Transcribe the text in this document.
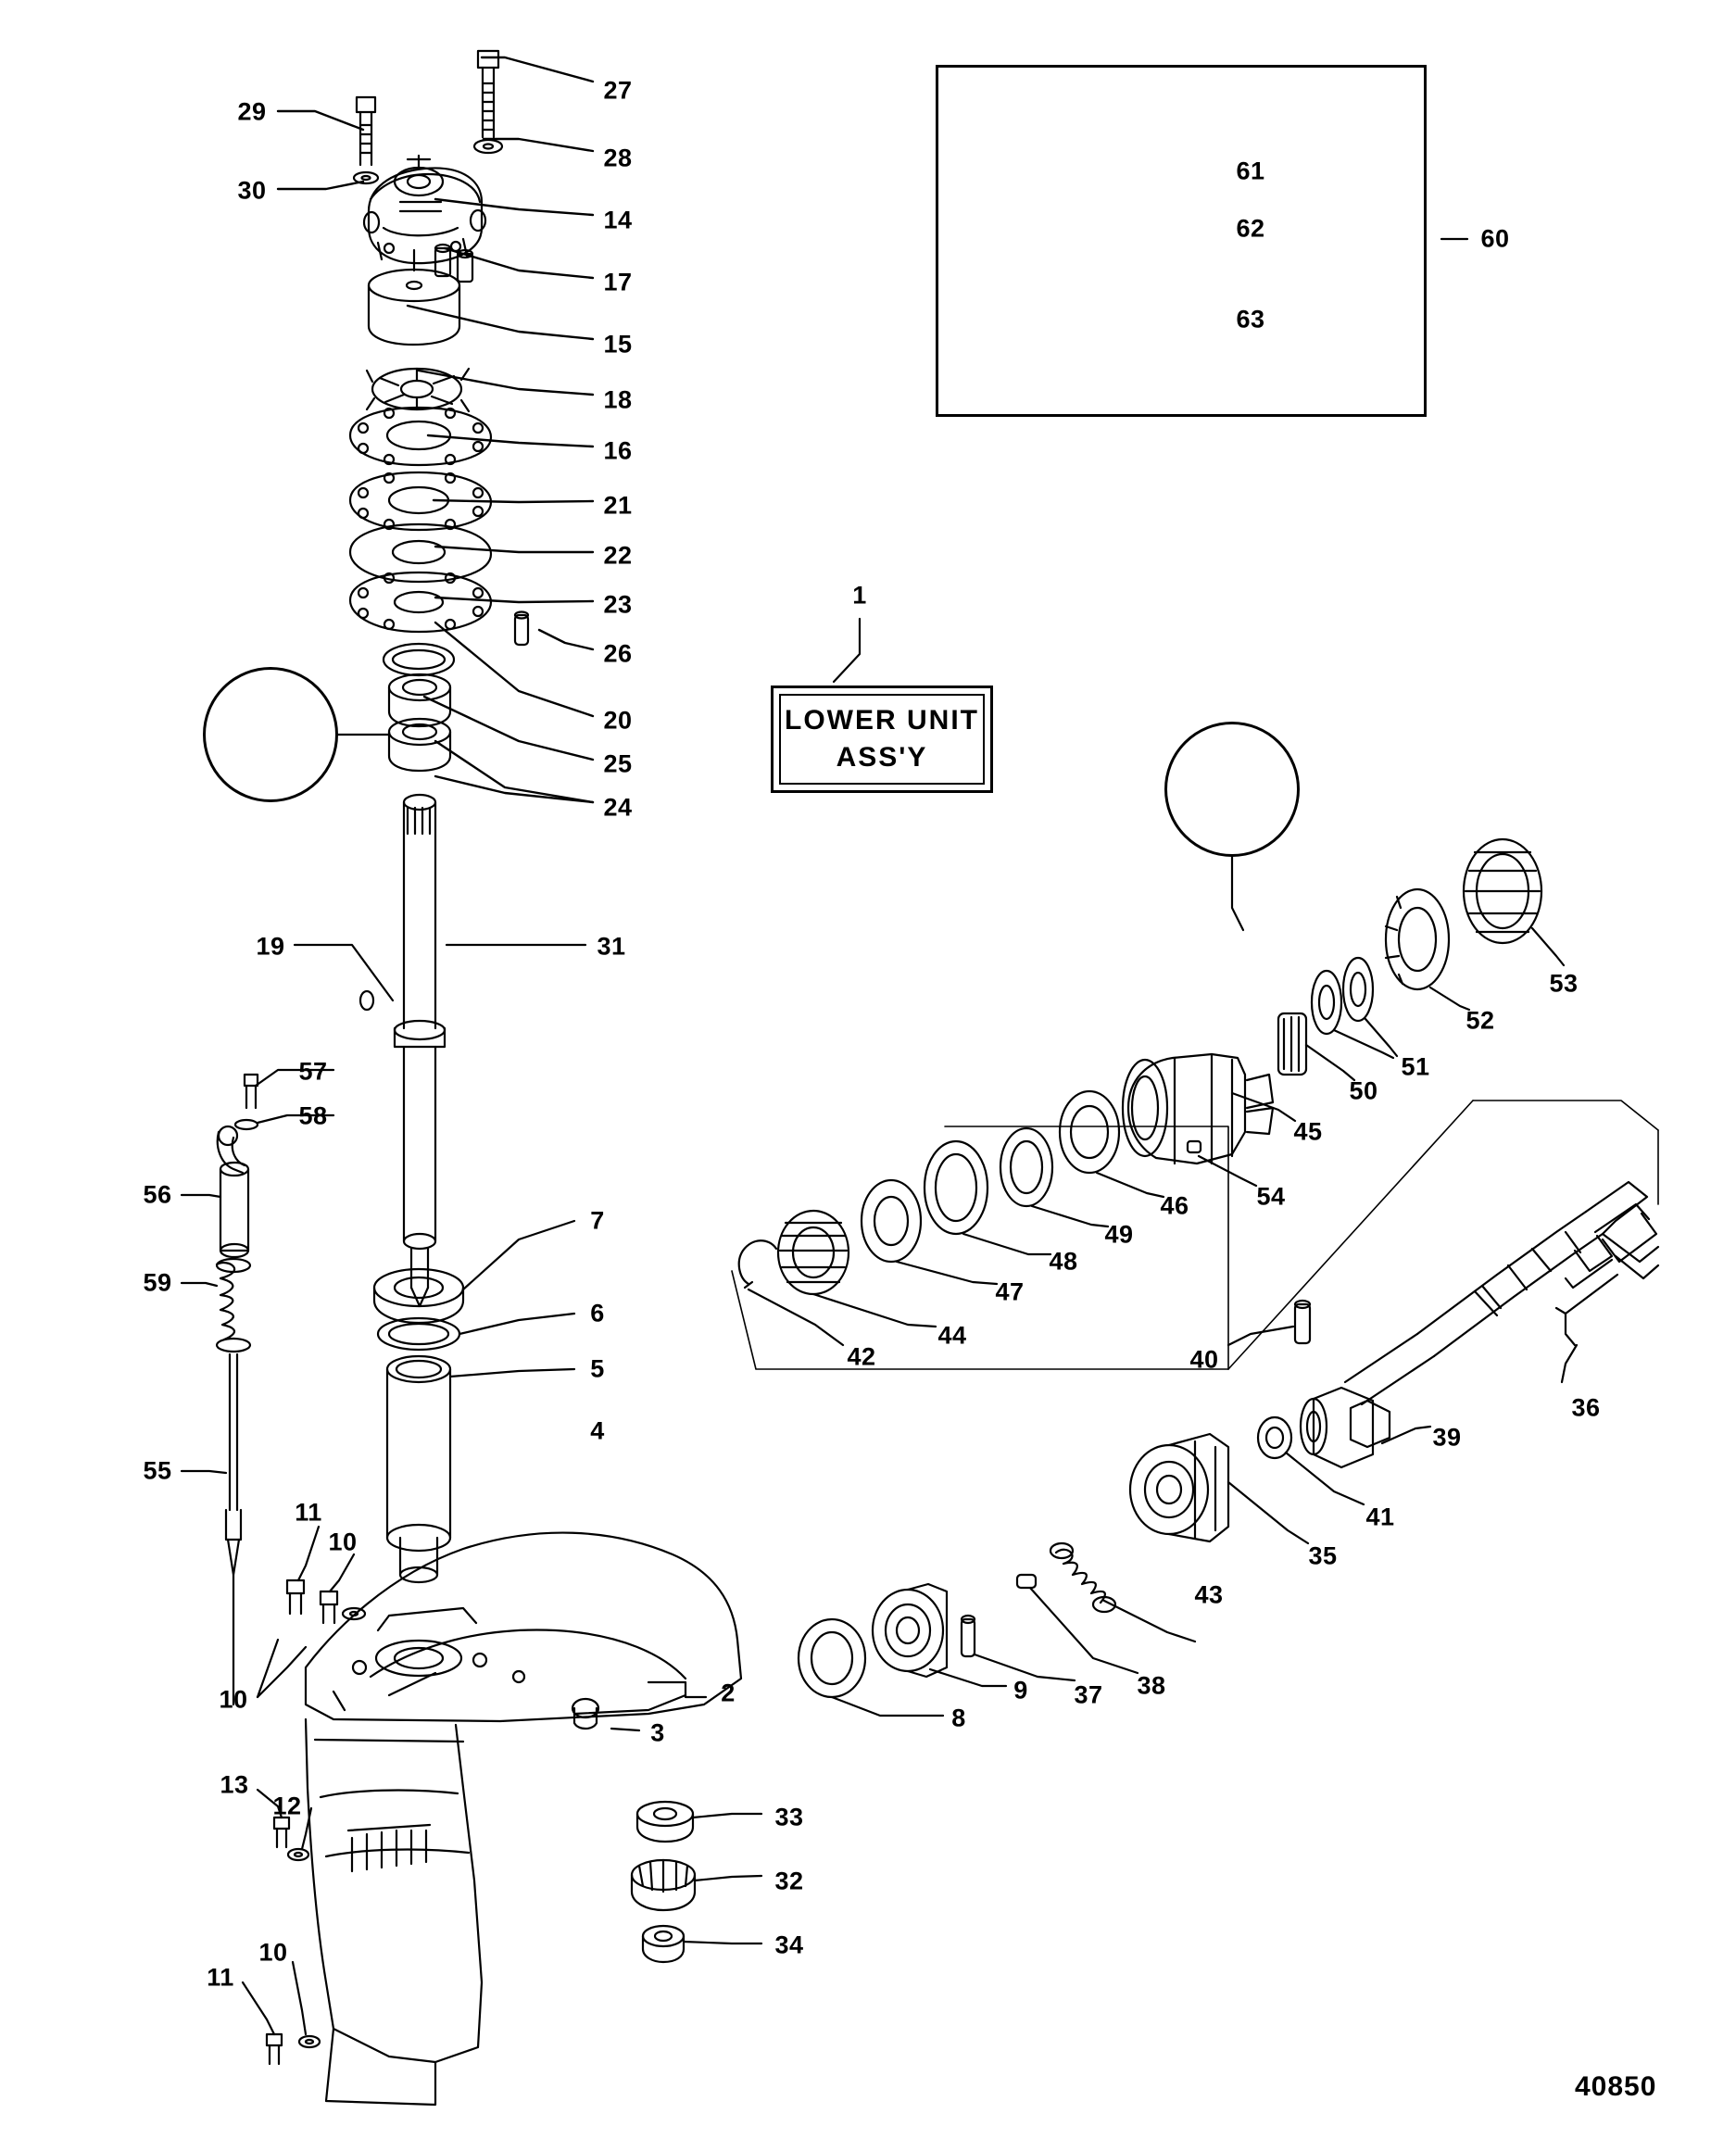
LOWER UNIT
ASS'Y
1
40850
29
27
28
30
14
17
15
18
16
21
22
23
26
20
25
24
19	31
57
58
56
59
7
6
5
55
4
11
10
10	2
3
13
12
11
10
33
32
34
8
9 37 38
43
35
41
39
40
36
42
44
47
48
49
46	54
45
50
51
52
53
61
62
63
60
